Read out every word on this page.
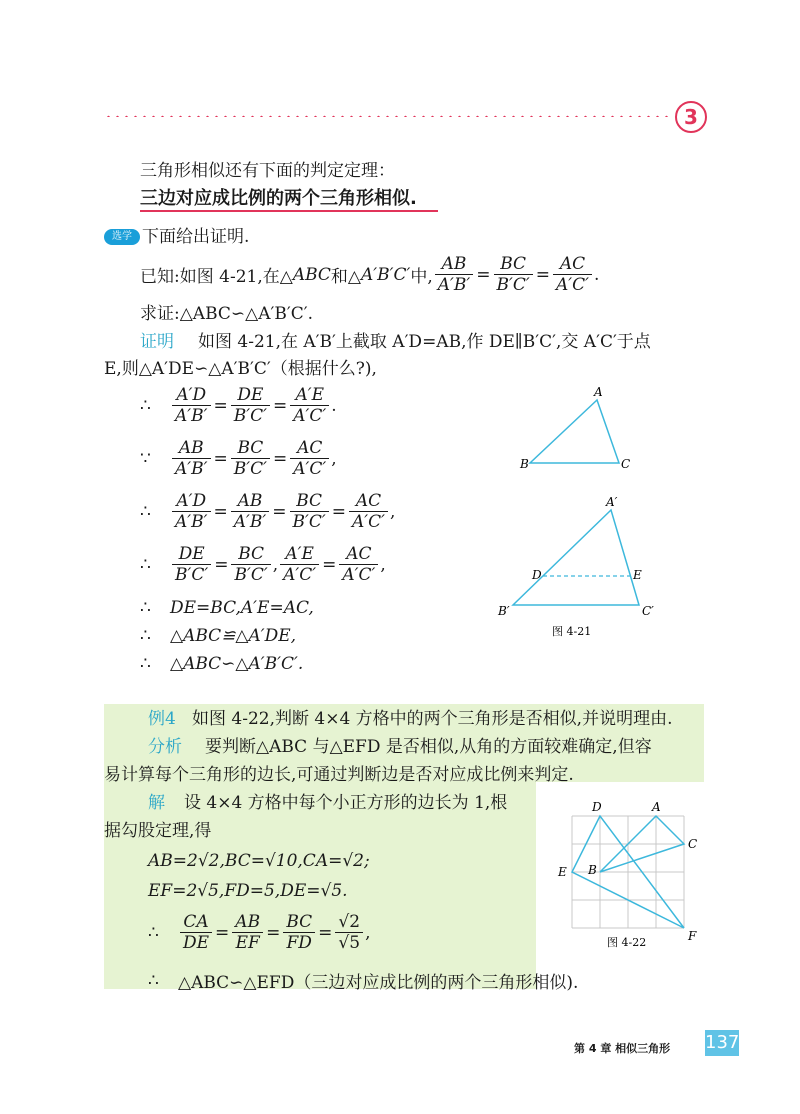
3
三角形相似还有下面的判定定理：
三边对应成比例的两个三角形相似.
选学 下面给出证明.
已知:如图 4-21,在△ ABC 和△ A′B′C′ 中, $\frac{AB}{A'B'} = \frac{BC}{B'C'} = \frac{AC}{A'C'}$ .
求证:△ABC∽△A′B′C′.
证明 如图 4-21,在 A′B′上截取 A′D=AB,作 DE∥B′C′,交 A′C′于点
E,则△A′DE∽△A′B′C′（根据什么?),
∴	$\frac{A'D}{A'B'} = \frac{DE}{B'C'} = \frac{A'E}{A'C'}$ .
∵	$\frac{AB}{A'B'} = \frac{BC}{B'C'} = \frac{AC}{A'C'}$ ,
∴	$\frac{A'D}{A'B'} = \frac{AB}{A'B'} = \frac{BC}{B'C'} = \frac{AC}{A'C'}$ ,
∴	$\frac{DE}{B'C'} = \frac{BC}{B'C'}$ , $\frac{A'E}{A'C'} = \frac{AC}{A'C'}$ ,
∴	DE=BC,A′E=AC,
∴	△ABC≌△A′DE,
∴	△ABC∽△A′B′C′.
A
B	C
A′
B′	C′
D	E
图 4-21
例4 如图 4-22,判断 4×4 方格中的两个三角形是否相似,并说明理由.
分析 要判断△ABC 与△EFD 是否相似,从角的方面较难确定,但容
易计算每个三角形的边长,可通过判断边是否对应成比例来判定.
解 设 4×4 方格中每个小正方形的边长为 1,根
据勾股定理,得
AB=2√2,BC=√10,CA=√2;
EF=2√5,FD=5,DE=√5.
∴	$\frac{CA}{DE} = \frac{AB}{EF} = \frac{BC}{FD} = \frac{√2}{√5}$ ,
∴	△ABC∽△EFD（三边对应成比例的两个三角形相似).
D	A
C
E B
F
图 4-22
第 4 章 相似三角形 137
